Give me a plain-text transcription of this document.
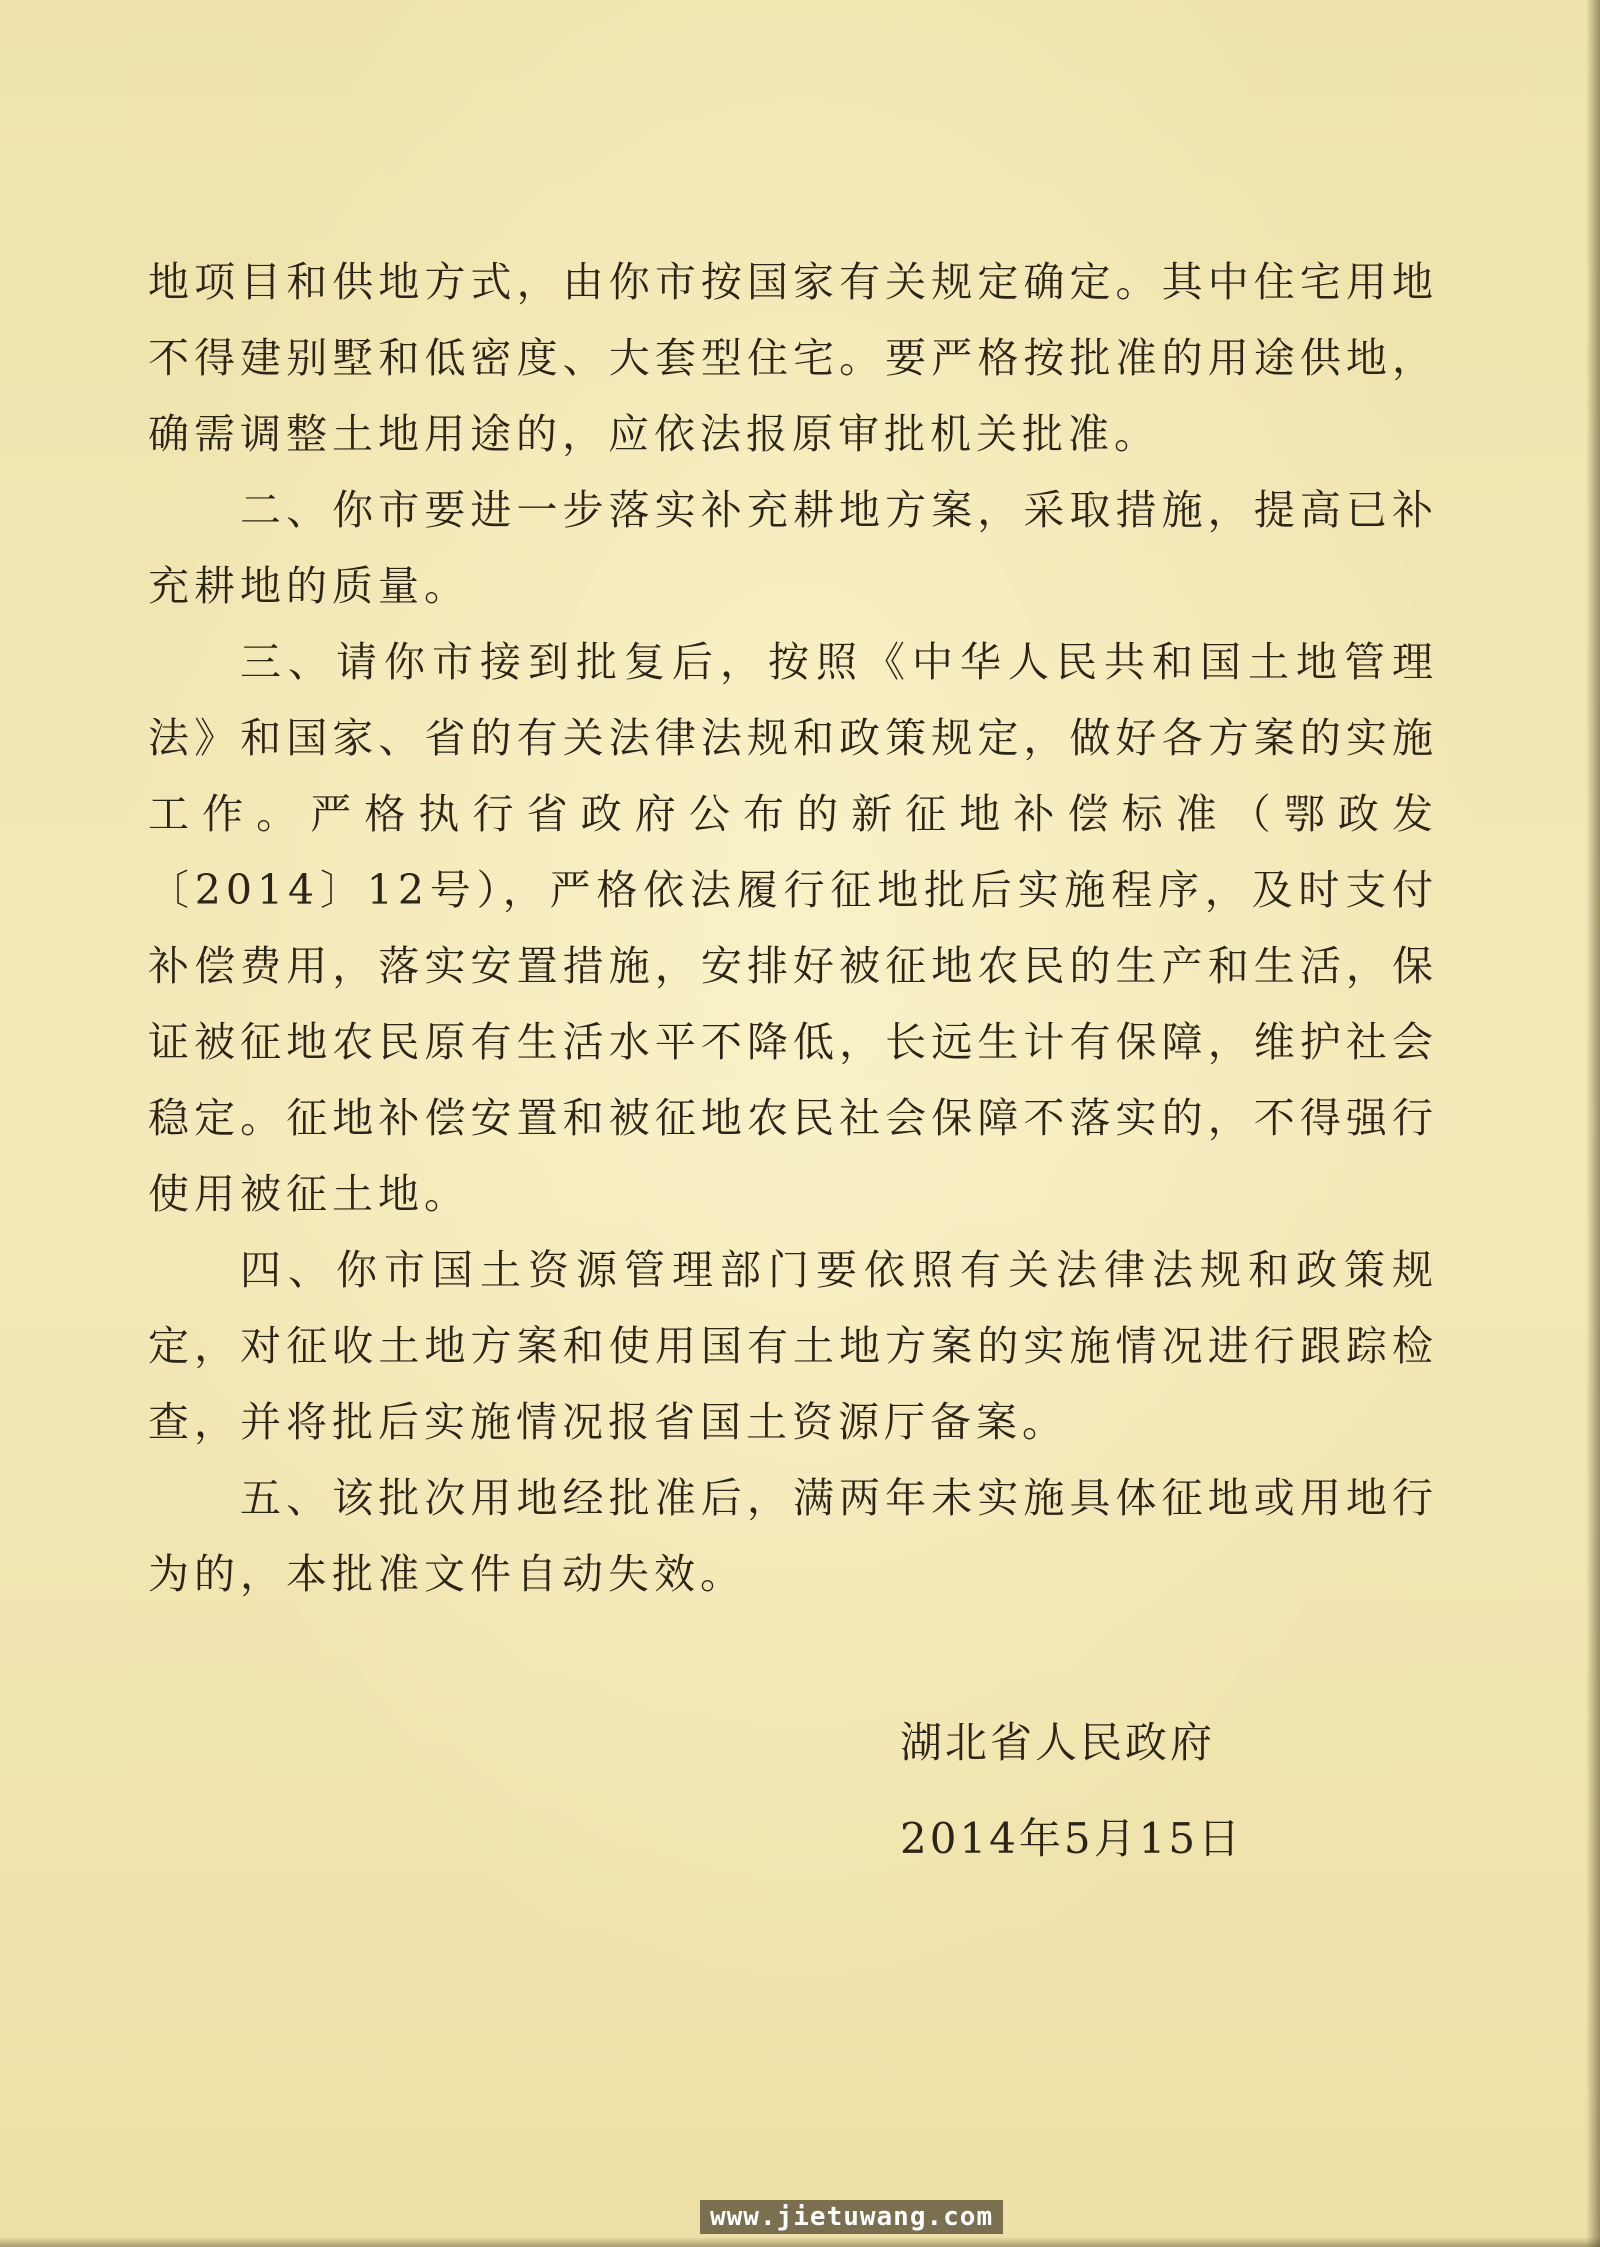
地项目和供地方式，由你市按国家有关规定确定。其中住宅用地不得建别墅和低密度、大套型住宅。要严格按批准的用途供地，确需调整土地用途的，应依法报原审批机关批准。

二、你市要进一步落实补充耕地方案，采取措施，提高已补充耕地的质量。

三、请你市接到批复后，按照《中华人民共和国土地管理法》和国家、省的有关法律法规和政策规定，做好各方案的实施工作。严格执行省政府公布的新征地补偿标准（鄂政发〔2014〕12号），严格依法履行征地批后实施程序，及时支付补偿费用，落实安置措施，安排好被征地农民的生产和生活，保证被征地农民原有生活水平不降低，长远生计有保障，维护社会稳定。征地补偿安置和被征地农民社会保障不落实的，不得强行使用被征土地。

四、你市国土资源管理部门要依照有关法律法规和政策规定，对征收土地方案和使用国有土地方案的实施情况进行跟踪检查，并将批后实施情况报省国土资源厅备案。

五、该批次用地经批准后，满两年未实施具体征地或用地行为的，本批准文件自动失效。

湖北省人民政府
2014年5月15日
www.jietuwang.com
